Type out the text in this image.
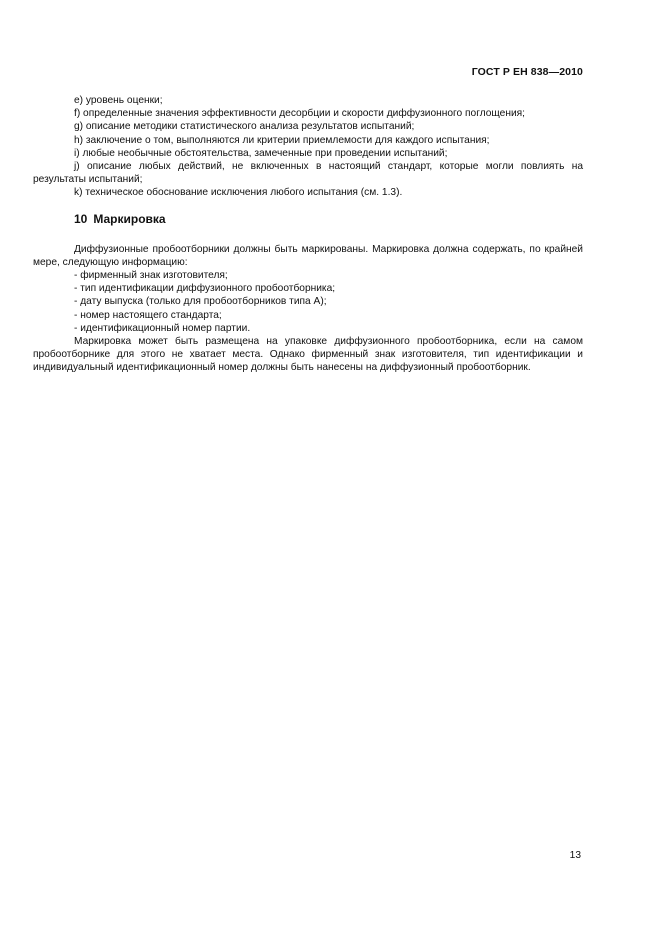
ГОСТ Р ЕН 838—2010

е) уровень оценки;

f) определенные значения эффективности десорбции и скорости диффузионного поглощения;

g) описание методики статистического анализа результатов испытаний;

h) заключение о том, выполняются ли критерии приемлемости для каждого испытания;

i) любые необычные обстоятельства, замеченные при проведении испытаний;

j) описание любых действий, не включенных в настоящий стандарт, которые могли повлиять на результаты испытаний;

k) техническое обоснование исключения любого испытания (см. 1.3).

10 Маркировка

Диффузионные пробоотборники должны быть маркированы. Маркировка должна содержать, по крайней мере, следующую информацию:

- фирменный знак изготовителя;

- тип идентификации диффузионного пробоотборника;

- дату выпуска (только для пробоотборников типа А);

- номер настоящего стандарта;

- идентификационный номер партии.

Маркировка может быть размещена на упаковке диффузионного пробоотборника, если на самом пробоотборнике для этого не хватает места. Однако фирменный знак изготовителя, тип идентификации и индивидуальный идентификационный номер должны быть нанесены на диффузионный пробоотборник.

13
